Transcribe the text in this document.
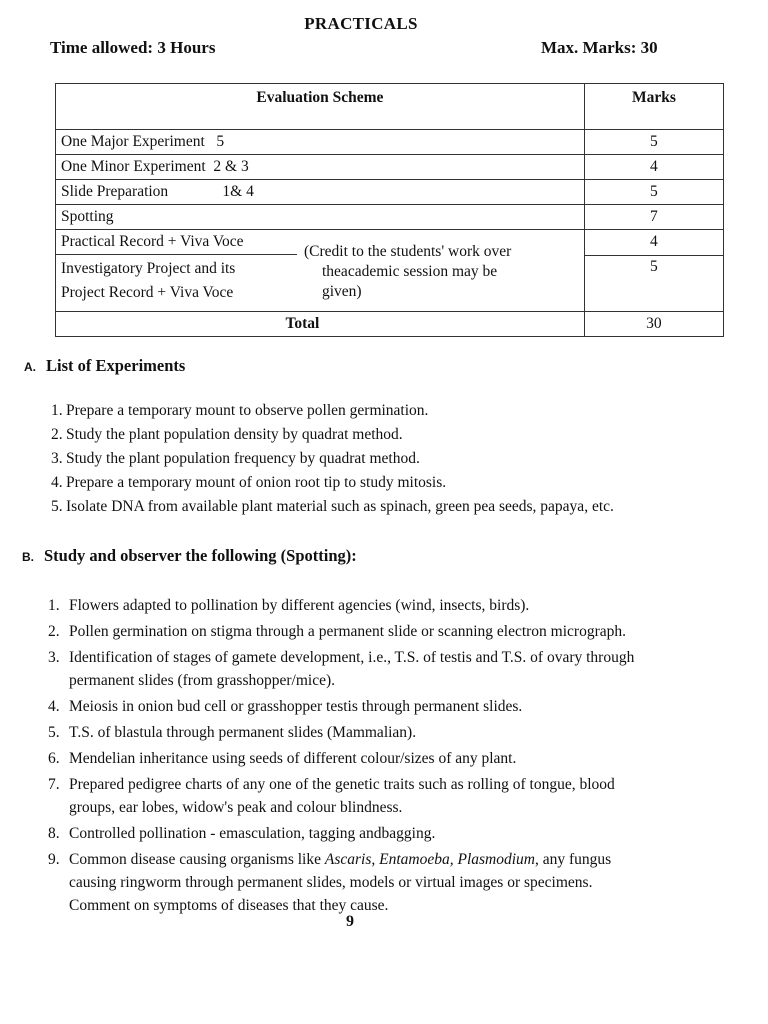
PRACTICALS
Time allowed: 3 Hours	Max. Marks: 30
Evaluation Scheme	Marks
One Major Experiment   5	5
One Minor Experiment  2 & 3	4
Slide Preparation              1& 4	5
Spotting	7

Practical Record + Viva Voce	4

Investigatory Project and its
Project Record + Viva Voce	5
Total	30
(Credit to the students' work over
theacademic session may be
given)
A. List of Experiments
1. Prepare a temporary mount to observe pollen germination.
2. Study the plant population density by quadrat method.
3. Study the plant population frequency by quadrat method.
4. Prepare a temporary mount of onion root tip to study mitosis.
5. Isolate DNA from available plant material such as spinach, green pea seeds, papaya, etc.
B. Study and observer the following (Spotting):
1. Flowers adapted to pollination by different agencies (wind, insects, birds).
2. Pollen germination on stigma through a permanent slide or scanning electron micrograph.
3. Identification of stages of gamete development, i.e., T.S. of testis and T.S. of ovary through
permanent slides (from grasshopper/mice).
4. Meiosis in onion bud cell or grasshopper testis through permanent slides.
5. T.S. of blastula through permanent slides (Mammalian).
6. Mendelian inheritance using seeds of different colour/sizes of any plant.
7. Prepared pedigree charts of any one of the genetic traits such as rolling of tongue, blood
groups, ear lobes, widow's peak and colour blindness.
8. Controlled pollination - emasculation, tagging andbagging.
9. Common disease causing organisms like Ascaris, Entamoeba, Plasmodium, any fungus
causing ringworm through permanent slides, models or virtual images or specimens.
Comment on symptoms of diseases that they cause.
9
